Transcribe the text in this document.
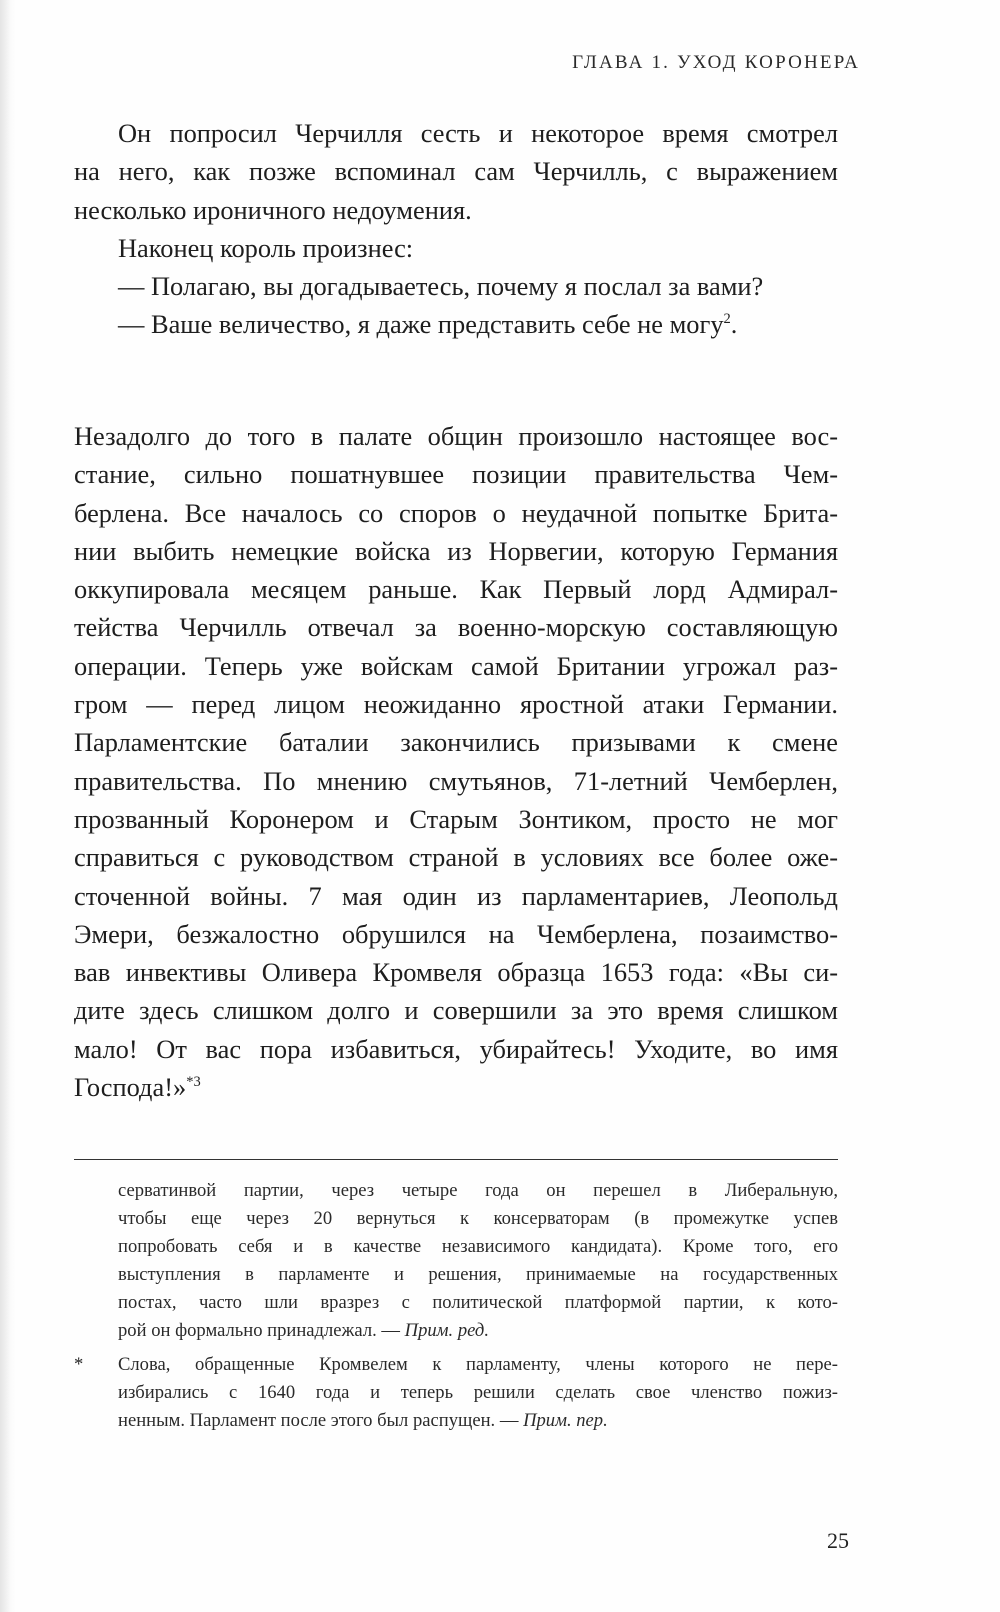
ГЛАВА 1. УХОД КОРОНЕРА

Он попросил Черчилля сесть и некоторое время смотрел
на него, как позже вспоминал сам Черчилль, с выражением
несколько ироничного недоумения.

Наконец король произнес:

— Полагаю, вы догадываетесь, почему я послал за вами?

— Ваше величество, я даже представить себе не могу$^2$.

Незадолго до того в палате общин произошло настоящее вос-
стание, сильно пошатнувшее позиции правительства Чем-
берлена. Все началось со споров о неудачной попытке Брита-
нии выбить немецкие войска из Норвегии, которую Германия
оккупировала месяцем раньше. Как Первый лорд Адмирал-
тейства Черчилль отвечал за военно-морскую составляющую
операции. Теперь уже войскам самой Британии угрожал раз-
гром — перед лицом неожиданно яростной атаки Германии.
Парламентские баталии закончились призывами к смене
правительства. По мнению смутьянов, 71-летний Чемберлен,
прозванный Коронером и Старым Зонтиком, просто не мог
справиться с руководством страной в условиях все более оже-
сточенной войны. 7 мая один из парламентариев, Леопольд
Эмери, безжалостно обрушился на Чемберлена, позаимство-
вав инвективы Оливера Кромвеля образца 1653 года: «Вы си-
дите здесь слишком долго и совершили за это время слишком
мало! От вас пора избавиться, убирайтесь! Уходите, во имя
Господа!»$^{*3}$

серватинвой партии, через четыре года он перешел в Либеральную,
чтобы еще через 20 вернуться к консерваторам (в промежутке успев
попробовать себя и в качестве независимого кандидата). Кроме того, его
выступления в парламенте и решения, принимаемые на государственных
постах, часто шли вразрез с политической платформой партии, к кото-
рой он формально принадлежал. — Прим. ред.
* Слова, обращенные Кромвелем к парламенту, члены которого не пере-
избирались с 1640 года и теперь решили сделать свое членство пожиз-
ненным. Парламент после этого был распущен. — Прим. пер.
25
